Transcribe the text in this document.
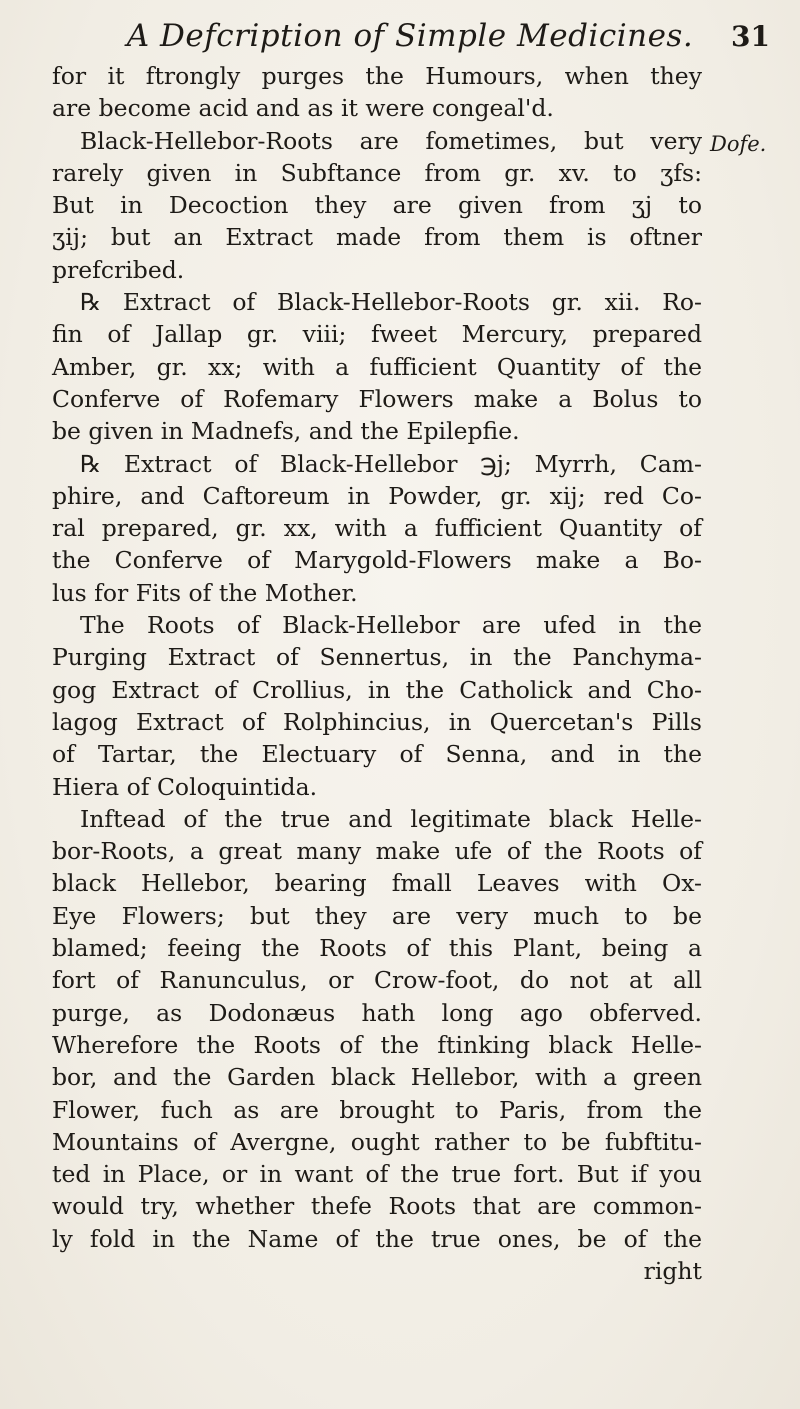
A Defcription of Simple Medicines.	31
Dofe.
for it ftrongly purges the Humours, when they
are become acid and as it were congeal'd.
Black-Hellebor-Roots are fometimes, but very
rarely given in Subftance from gr. xv. to ʒfs:
But in Decoction they are given from ʒj to
ʒij; but an Extract made from them is oftner
prefcribed.
℞ Extract of Black-Hellebor-Roots gr. xii. Ro-
fin of Jallap gr. viii; fweet Mercury, prepared
Amber, gr. xx; with a fufficient Quantity of the
Conferve of Rofemary Flowers make a Bolus to
be given in Madnefs, and the Epilepfie.
℞ Extract of Black-Hellebor ℈j; Myrrh, Cam-
phire, and Caftoreum in Powder, gr. xij; red Co-
ral prepared, gr. xx, with a fufficient Quantity of
the Conferve of Marygold-Flowers make a Bo-
lus for Fits of the Mother.
The Roots of Black-Hellebor are ufed in the
Purging Extract of Sennertus, in the Panchyma-
gog Extract of Crollius, in the Catholick and Cho-
lagog Extract of Rolphincius, in Quercetan's Pills
of Tartar, the Electuary of Senna, and in the
Hiera of Coloquintida.
Inftead of the true and legitimate black Helle-
bor-Roots, a great many make ufe of the Roots of
black Hellebor, bearing fmall Leaves with Ox-
Eye Flowers; but they are very much to be
blamed; feeing the Roots of this Plant, being a
fort of Ranunculus, or Crow-foot, do not at all
purge, as Dodonæus hath long ago obferved.
Wherefore the Roots of the ftinking black Helle-
bor, and the Garden black Hellebor, with a green
Flower, fuch as are brought to Paris, from the
Mountains of Avergne, ought rather to be fubftitu-
ted in Place, or in want of the true fort. But if you
would try, whether thefe Roots that are common-
ly fold in the Name of the true ones, be of the
right
